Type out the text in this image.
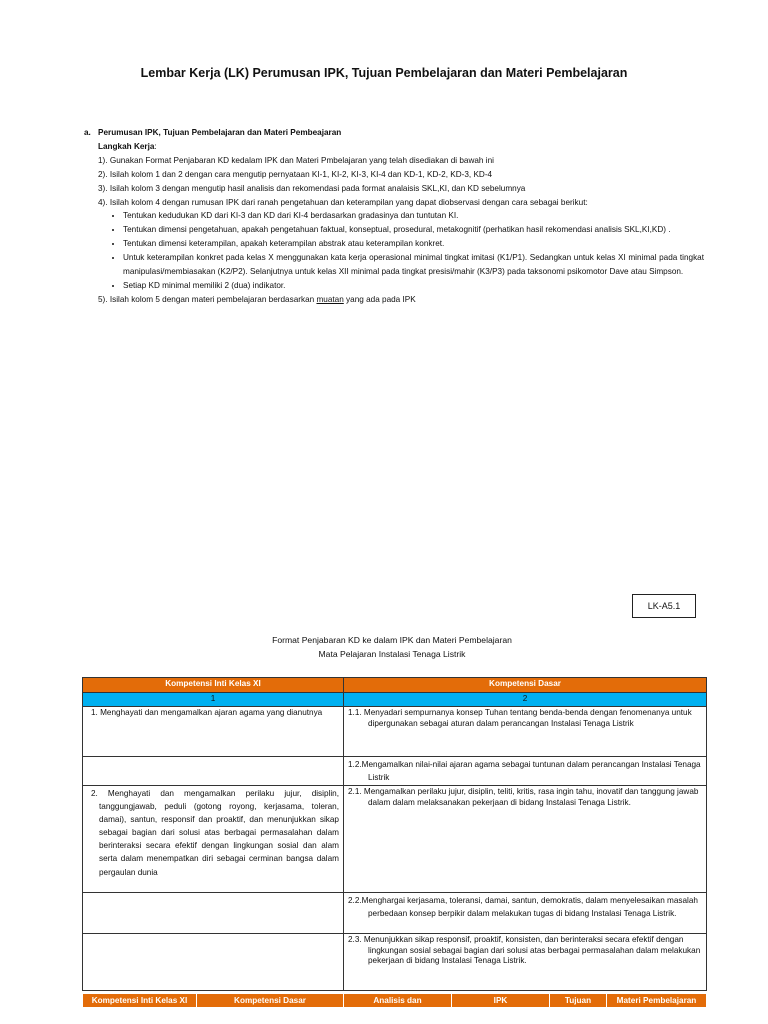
Lembar Kerja (LK) Perumusan IPK, Tujuan Pembelajaran dan Materi Pembelajaran
a. Perumusan IPK, Tujuan Pembelajaran dan Materi Pembeajaran
Langkah Kerja:
1). Gunakan Format Penjabaran KD kedalam IPK dan Materi Pmbelajaran yang telah disediakan di bawah ini
2). Isilah kolom 1 dan 2 dengan cara mengutip pernyataan KI-1, KI-2, KI-3, KI-4 dan KD-1, KD-2, KD-3, KD-4
3). Isilah kolom 3 dengan mengutip hasil analisis dan rekomendasi pada format analaisis SKL,KI, dan KD sebelumnya
4). Isilah kolom 4 dengan rumusan IPK dari ranah pengetahuan dan keterampilan yang dapat diobservasi dengan cara sebagai berikut:
• Tentukan kedudukan KD dari KI-3 dan KD dari KI-4 berdasarkan gradasinya dan tuntutan KI.
• Tentukan dimensi pengetahuan, apakah pengetahuan faktual, konseptual, prosedural, metakognitif (perhatikan hasil rekomendasi analisis SKL,KI,KD) .
• Tentukan dimensi keterampilan, apakah keterampilan abstrak atau keterampilan konkret.
• Untuk keterampilan konkret pada kelas X menggunakan kata kerja operasional minimal tingkat imitasi (K1/P1). Sedangkan untuk kelas XI minimal pada tingkat manipulasi/membiasakan (K2/P2). Selanjutnya untuk kelas XII minimal pada tingkat presisi/mahir (K3/P3) pada taksonomi psikomotor Dave atau Simpson.
• Setiap KD minimal memiliki 2 (dua) indikator.
5). Isilah kolom 5 dengan materi pembelajaran berdasarkan muatan yang ada pada IPK
LK-A5.1
Format Penjabaran KD ke dalam IPK dan Materi Pembelajaran
Mata Pelajaran Instalasi Tenaga Listrik
Kompetensi Inti Kelas XI	Kompetensi Dasar
1	2

1. Menghayati dan mengamalkan ajaran agama yang dianutnya	1.1. Menyadari sempurnanya konsep Tuhan tentang benda-benda dengan fenomenanya untuk dipergunakan sebagai aturan dalam perancangan Instalasi Tenaga Listrik

	1.2.Mengamalkan nilai-nilai ajaran agama sebagai tuntunan dalam perancangan Instalasi Tenaga Listrik

2. Menghayati dan mengamalkan perilaku jujur, disiplin, tanggungjawab, peduli (gotong royong, kerjasama, toleran, damai), santun, responsif dan proaktif, dan menunjukkan sikap sebagai bagian dari solusi atas berbagai permasalahan dalam berinteraksi secara efektif dengan lingkungan sosial dan alam serta dalam menempatkan diri sebagai cerminan bangsa dalam pergaulan dunia	2.1. Mengamalkan perilaku jujur, disiplin, teliti, kritis, rasa ingin tahu, inovatif dan tanggung jawab dalam dalam melaksanakan pekerjaan di bidang Instalasi Tenaga Listrik.

	2.2.Menghargai kerjasama, toleransi, damai, santun, demokratis, dalam menyelesaikan masalah perbedaan konsep berpikir dalam melakukan tugas di bidang Instalasi Tenaga Listrik.

	2.3. Menunjukkan sikap responsif, proaktif, konsisten, dan berinteraksi secara efektif dengan lingkungan sosial sebagai bagian dari solusi atas berbagai permasalahan dalam melakukan pekerjaan di bidang Instalasi Tenaga Listrik.
Kompetensi Inti Kelas XI	Kompetensi Dasar	Analisis dan	IPK	Tujuan	Materi Pembelajaran
